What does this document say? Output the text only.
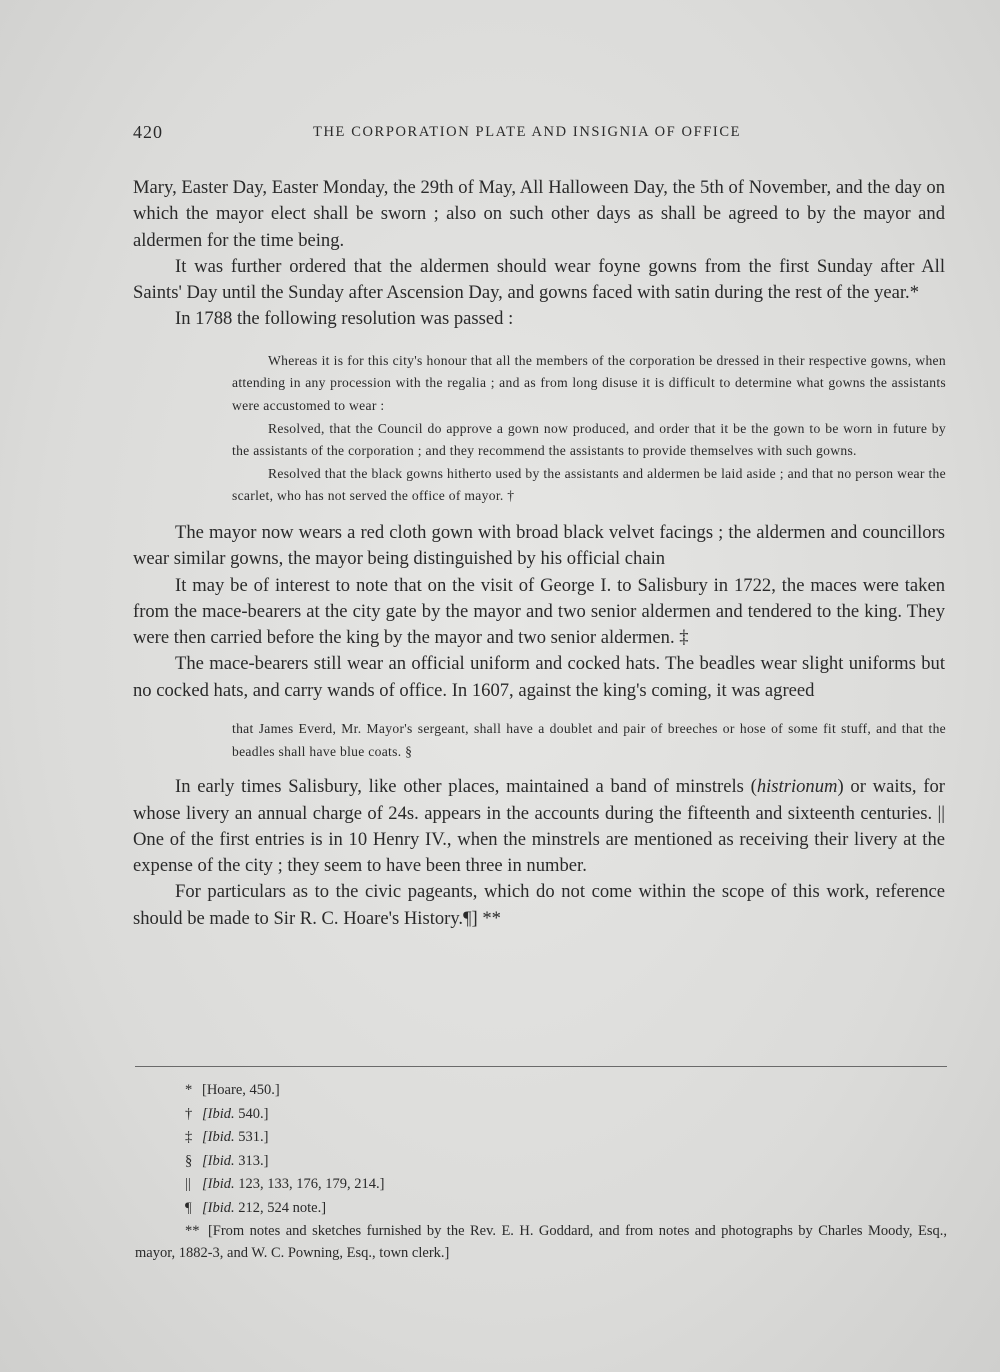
420	THE CORPORATION PLATE AND INSIGNIA OF OFFICE

Mary, Easter Day, Easter Monday, the 29th of May, All Halloween Day, the 5th of November, and the day on which the mayor elect shall be sworn ; also on such other days as shall be agreed to by the mayor and aldermen for the time being.

It was further ordered that the aldermen should wear foyne gowns from the first Sunday after All Saints' Day until the Sunday after Ascension Day, and gowns faced with satin during the rest of the year.*

In 1788 the following resolution was passed :

Whereas it is for this city's honour that all the members of the corporation be dressed in their respective gowns, when attending in any procession with the regalia ; and as from long disuse it is difficult to determine what gowns the assistants were accustomed to wear :

Resolved, that the Council do approve a gown now produced, and order that it be the gown to be worn in future by the assistants of the corporation ; and they recommend the assistants to provide themselves with such gowns.

Resolved that the black gowns hitherto used by the assistants and aldermen be laid aside ; and that no person wear the scarlet, who has not served the office of mayor. †

The mayor now wears a red cloth gown with broad black velvet facings ; the aldermen and councillors wear similar gowns, the mayor being distinguished by his official chain

It may be of interest to note that on the visit of George I. to Salisbury in 1722, the maces were taken from the mace-bearers at the city gate by the mayor and two senior aldermen and tendered to the king. They were then carried before the king by the mayor and two senior aldermen. ‡

The mace-bearers still wear an official uniform and cocked hats. The beadles wear slight uniforms but no cocked hats, and carry wands of office. In 1607, against the king's coming, it was agreed

that James Everd, Mr. Mayor's sergeant, shall have a doublet and pair of breeches or hose of some fit stuff, and that the beadles shall have blue coats. §

In early times Salisbury, like other places, maintained a band of minstrels (histrionum) or waits, for whose livery an annual charge of 24s. appears in the accounts during the fifteenth and sixteenth centuries. || One of the first entries is in 10 Henry IV., when the minstrels are mentioned as receiving their livery at the expense of the city ; they seem to have been three in number.

For particulars as to the civic pageants, which do not come within the scope of this work, reference should be made to Sir R. C. Hoare's History.¶] **

* [Hoare, 450.]
† [Ibid. 540.]
‡ [Ibid. 531.]
§ [Ibid. 313.]
|| [Ibid. 123, 133, 176, 179, 214.]
¶ [Ibid. 212, 524 note.]
** [From notes and sketches furnished by the Rev. E. H. Goddard, and from notes and photographs by Charles Moody, Esq., mayor, 1882-3, and W. C. Powning, Esq., town clerk.]
